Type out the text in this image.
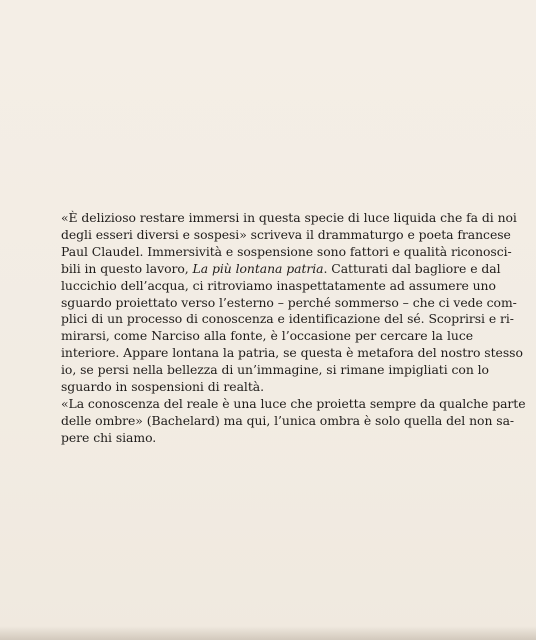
«È delizioso restare immersi in questa specie di luce liquida che fa di noi
degli esseri diversi e sospesi» scriveva il drammaturgo e poeta francese
Paul Claudel. Immersività e sospensione sono fattori e qualità riconosci-
bili in questo lavoro, La più lontana patria. Catturati dal bagliore e dal
luccichio dell’acqua, ci ritroviamo inaspettatamente ad assumere uno
sguardo proiettato verso l’esterno – perché sommerso – che ci vede com-
plici di un processo di conoscenza e identificazione del sé. Scoprirsi e ri-
mirarsi, come Narciso alla fonte, è l’occasione per cercare la luce
interiore. Appare lontana la patria, se questa è metafora del nostro stesso
io, se persi nella bellezza di un’immagine, si rimane impigliati con lo
sguardo in sospensioni di realtà.
«La conoscenza del reale è una luce che proietta sempre da qualche parte
delle ombre» (Bachelard) ma qui, l’unica ombra è solo quella del non sa-
pere chi siamo.
